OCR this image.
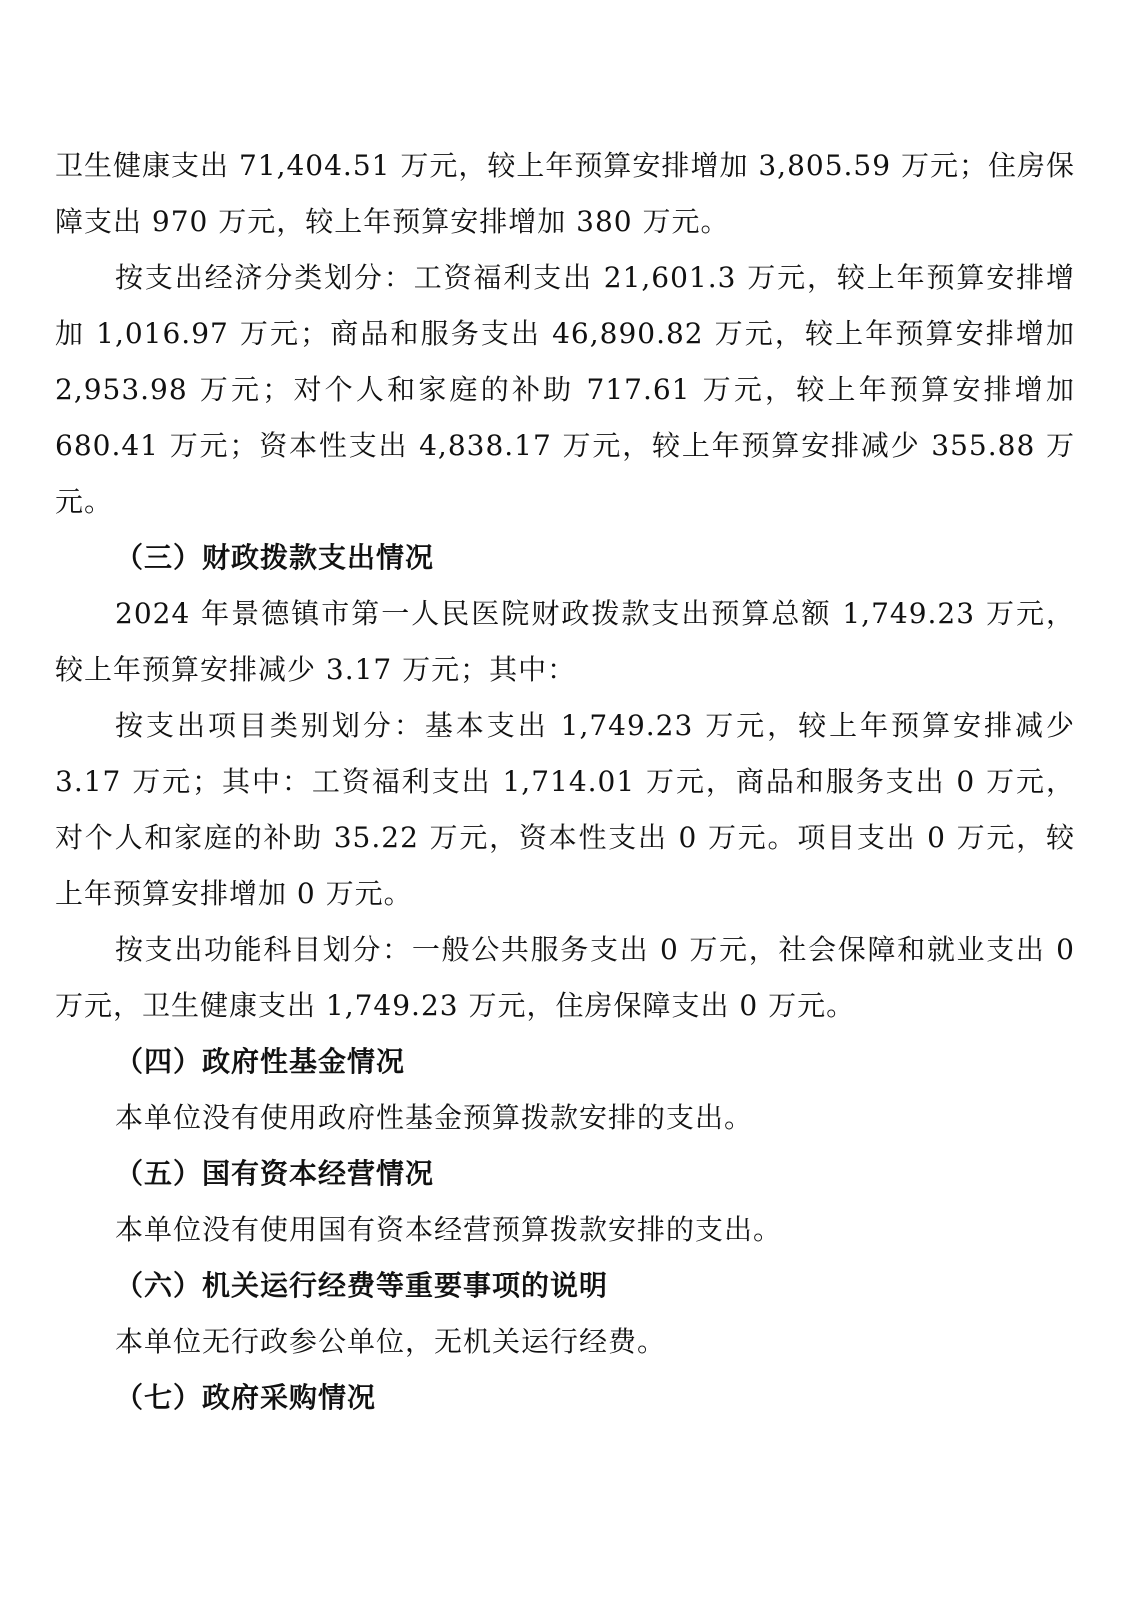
卫生健康支出 71,404.51 万元，较上年预算安排增加 3,805.59 万元；住房保障支出 970 万元，较上年预算安排增加 380 万元。

按支出经济分类划分：工资福利支出 21,601.3 万元，较上年预算安排增加 1,016.97 万元；商品和服务支出 46,890.82 万元，较上年预算安排增加 2,953.98 万元；对个人和家庭的补助 717.61 万元，较上年预算安排增加 680.41 万元；资本性支出 4,838.17 万元，较上年预算安排减少 355.88 万元。

（三）财政拨款支出情况

2024 年景德镇市第一人民医院财政拨款支出预算总额 1,749.23 万元，较上年预算安排减少 3.17 万元；其中：

按支出项目类别划分：基本支出 1,749.23 万元，较上年预算安排减少 3.17 万元；其中：工资福利支出 1,714.01 万元，商品和服务支出 0 万元，对个人和家庭的补助 35.22 万元，资本性支出 0 万元。项目支出 0 万元，较上年预算安排增加 0 万元。

按支出功能科目划分：一般公共服务支出 0 万元，社会保障和就业支出 0 万元，卫生健康支出 1,749.23 万元，住房保障支出 0 万元。

（四）政府性基金情况

本单位没有使用政府性基金预算拨款安排的支出。

（五）国有资本经营情况

本单位没有使用国有资本经营预算拨款安排的支出。

（六）机关运行经费等重要事项的说明

本单位无行政参公单位，无机关运行经费。

（七）政府采购情况
